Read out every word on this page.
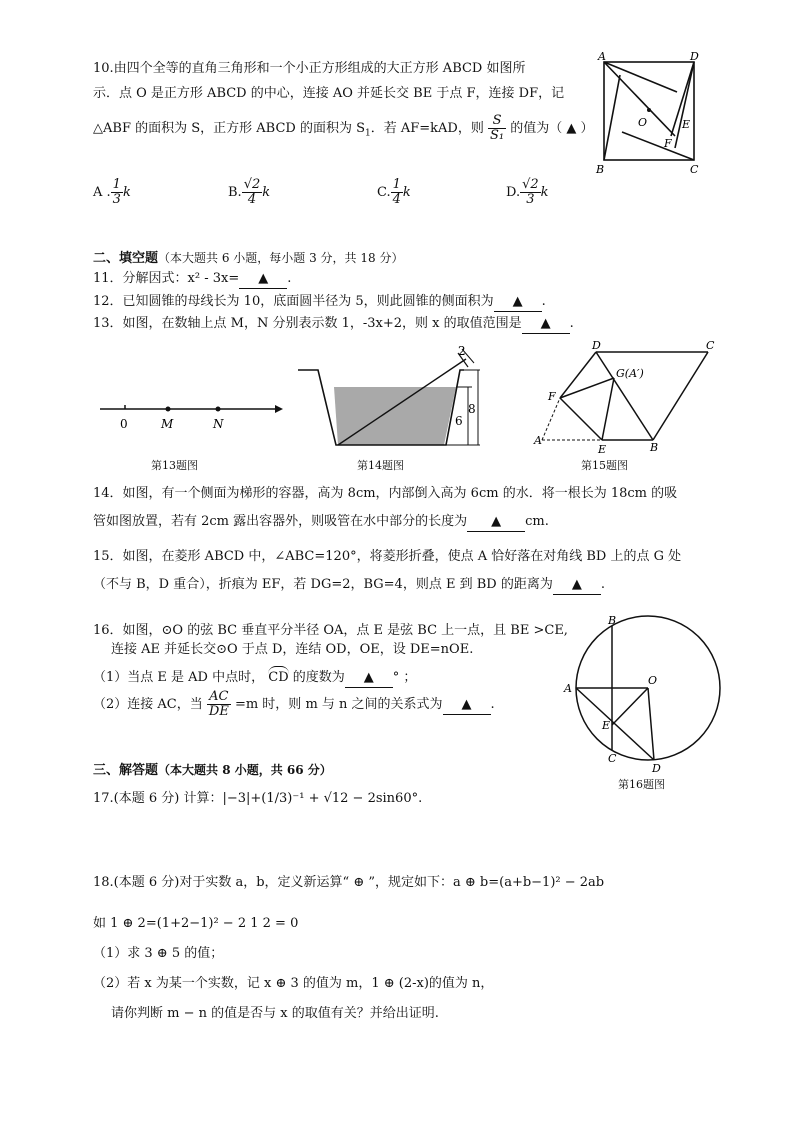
10.由四个全等的直角三角形和一个小正方形组成的大正方形 ABCD 如图所
示．点 O 是正方形 ABCD 的中心，连接 AO 并延长交 BE 于点 F，连接 DF，记
△ABF 的面积为 S，正方形 ABCD 的面积为 $S_1$．若 AF=kAD，则 $\frac{S}{\text{S₁}}$ 的值为（ ▲ ）
A . $\frac{1}{3}$ k	B. $\frac{√2}{4}$ k	C. $\frac{1}{4}$ k	D. $\frac{√2}{3}$ k
A	D
B	C
O	E
F
二、填空题（本大题共 6 小题，每小题 3 分，共 18 分）
11．分解因式：x² - 3x= ▲ .
12．已知圆锥的母线长为 10，底面圆半径为 5，则此圆锥的侧面积为 ▲ .
13．如图，在数轴上点 M，N 分别表示数 1，-3x+2，则 x 的取值范围是 ▲ .
0	M	N
第13题图
2
8
6
第14题图
D	C
G(A′)
F
A
E	B
第15题图
14．如图，有一个侧面为梯形的容器，高为 8cm，内部倒入高为 6cm 的水．将一根长为 18cm 的吸
管如图放置，若有 2cm 露出容器外，则吸管在水中部分的长度为 ▲ cm.
15．如图，在菱形 ABCD 中，∠ABC=120°，将菱形折叠，使点 A 恰好落在对角线 BD 上的点 G 处
（不与 B，D 重合），折痕为 EF，若 DG=2，BG=4，则点 E 到 BD 的距离为 ▲ .
16．如图，⊙O 的弦 BC 垂直平分半径 OA，点 E 是弦 BC 上一点，且 BE >CE,
连接 AE 并延长交⊙O 于点 D，连结 OD，OE，设 DE=nOE.
（1）当点 E 是 AD 中点时， CD 的度数为 ▲ ° ；
（2）连接 AC，当 $\frac{AC}{DE} =m$ 时，则 m 与 n 之间的关系式为 ▲ .
B
A
O
E
C
D
第16题图
三、解答题（本大题共 8 小题，共 66 分）
17.(本题 6 分) 计算：|−3|+(1/3)⁻¹ + √12 − 2sin60°.
18.(本题 6 分)对于实数 a，b，定义新运算“ ⊕ ”，规定如下：a ⊕ b=(a+b−1)² − 2ab
如 1 ⊕ 2=(1+2−1)² − 2 1 2 = 0
（1）求 3 ⊕ 5 的值；
（2）若 x 为某一个实数，记 x ⊕ 3 的值为 m，1 ⊕ (2-x)的值为 n，
请你判断 m − n 的值是否与 x 的取值有关？并给出证明.
